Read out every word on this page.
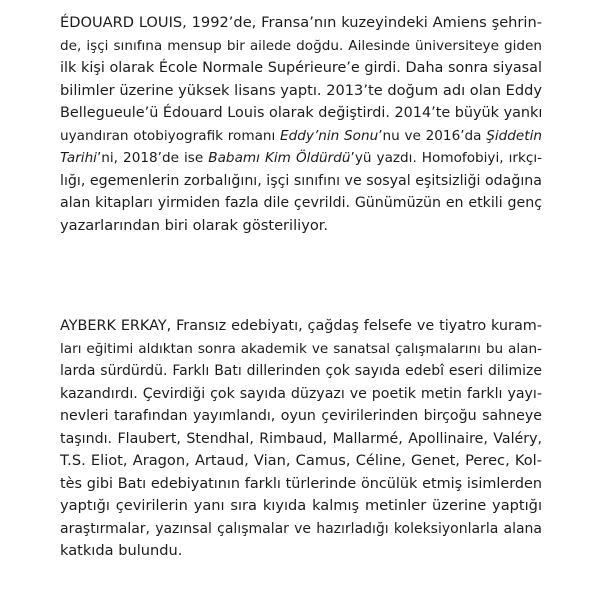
ÉDOUARD LOUIS, 1992’de, Fransa’nın kuzeyindeki Amiens şehrin-
de, işçi sınıfına mensup bir ailede doğdu. Ailesinde üniversiteye giden
ilk kişi olarak École Normale Supérieure’e girdi. Daha sonra siyasal
bilimler üzerine yüksek lisans yaptı. 2013’te doğum adı olan Eddy
Bellegueule’ü Édouard Louis olarak değiştirdi. 2014’te büyük yankı
uyandıran otobiyografik romanı Eddy’nin Sonu’nu ve 2016’da Şiddetin
Tarihi’ni, 2018’de ise Babamı Kim Öldürdü’yü yazdı. Homofobiyi, ırkçı-
lığı, egemenlerin zorbalığını, işçi sınıfını ve sosyal eşitsizliği odağına
alan kitapları yirmiden fazla dile çevrildi. Günümüzün en etkili genç
yazarlarından biri olarak gösteriliyor.
AYBERK ERKAY, Fransız edebiyatı, çağdaş felsefe ve tiyatro kuram-
ları eğitimi aldıktan sonra akademik ve sanatsal çalışmalarını bu alan-
larda sürdürdü. Farklı Batı dillerinden çok sayıda edebî eseri dilimize
kazandırdı. Çevirdiği çok sayıda düzyazı ve poetik metin farklı yayı-
nevleri tarafından yayımlandı, oyun çevirilerinden birçoğu sahneye
taşındı. Flaubert, Stendhal, Rimbaud, Mallarmé, Apollinaire, Valéry,
T.S. Eliot, Aragon, Artaud, Vian, Camus, Céline, Genet, Perec, Kol-
tès gibi Batı edebiyatının farklı türlerinde öncülük etmiş isimlerden
yaptığı çevirilerin yanı sıra kıyıda kalmış metinler üzerine yaptığı
araştırmalar, yazınsal çalışmalar ve hazırladığı koleksiyonlarla alana
katkıda bulundu.
